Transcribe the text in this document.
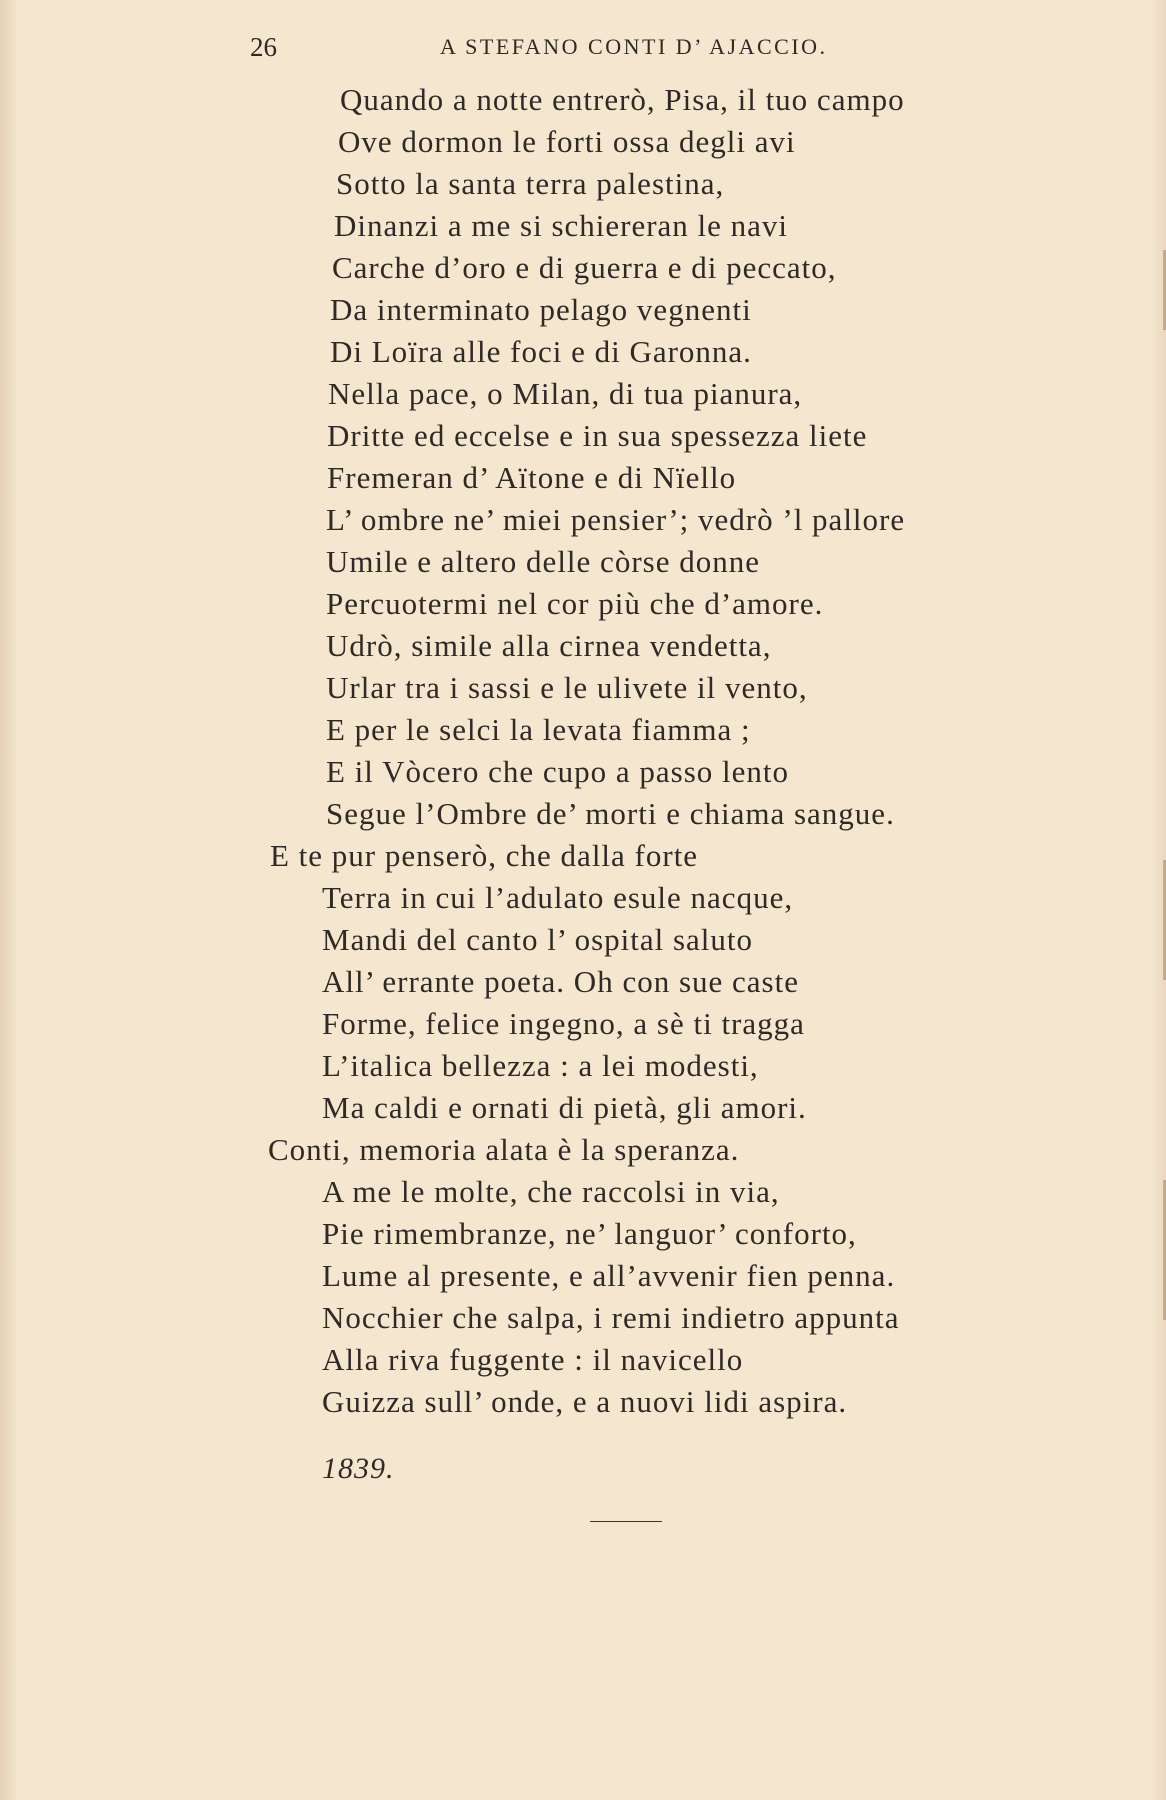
26	A STEFANO CONTI D’ AJACCIO.
Quando a notte entrerò, Pisa, il tuo campo
Ove dormon le forti ossa degli avi
Sotto la santa terra palestina,
Dinanzi a me si schiereran le navi
Carche d’oro e di guerra e di peccato,
Da interminato pelago vegnenti
Di Loïra alle foci e di Garonna.
Nella pace, o Milan, di tua pianura,
Dritte ed eccelse e in sua spessezza liete
Fremeran d’ Aïtone e di Nïello
L’ ombre ne’ miei pensier’; vedrò ’l pallore
Umile e altero delle còrse donne
Percuotermi nel cor più che d’amore.
Udrò, simile alla cirnea vendetta,
Urlar tra i sassi e le ulivete il vento,
E per le selci la levata fiamma ;
E il Vòcero che cupo a passo lento
Segue l’Ombre de’ morti e chiama sangue.
E te pur penserò, che dalla forte
Terra in cui l’adulato esule nacque,
Mandi del canto l’ ospital saluto
All’ errante poeta. Oh con sue caste
Forme, felice ingegno, a sè ti tragga
L’italica bellezza : a lei modesti,
Ma caldi e ornati di pietà, gli amori.
Conti, memoria alata è la speranza.
A me le molte, che raccolsi in via,
Pie rimembranze, ne’ languor’ conforto,
Lume al presente, e all’avvenir fien penna.
Nocchier che salpa, i remi indietro appunta
Alla riva fuggente : il navicello
Guizza sull’ onde, e a nuovi lidi aspira.
1839.
